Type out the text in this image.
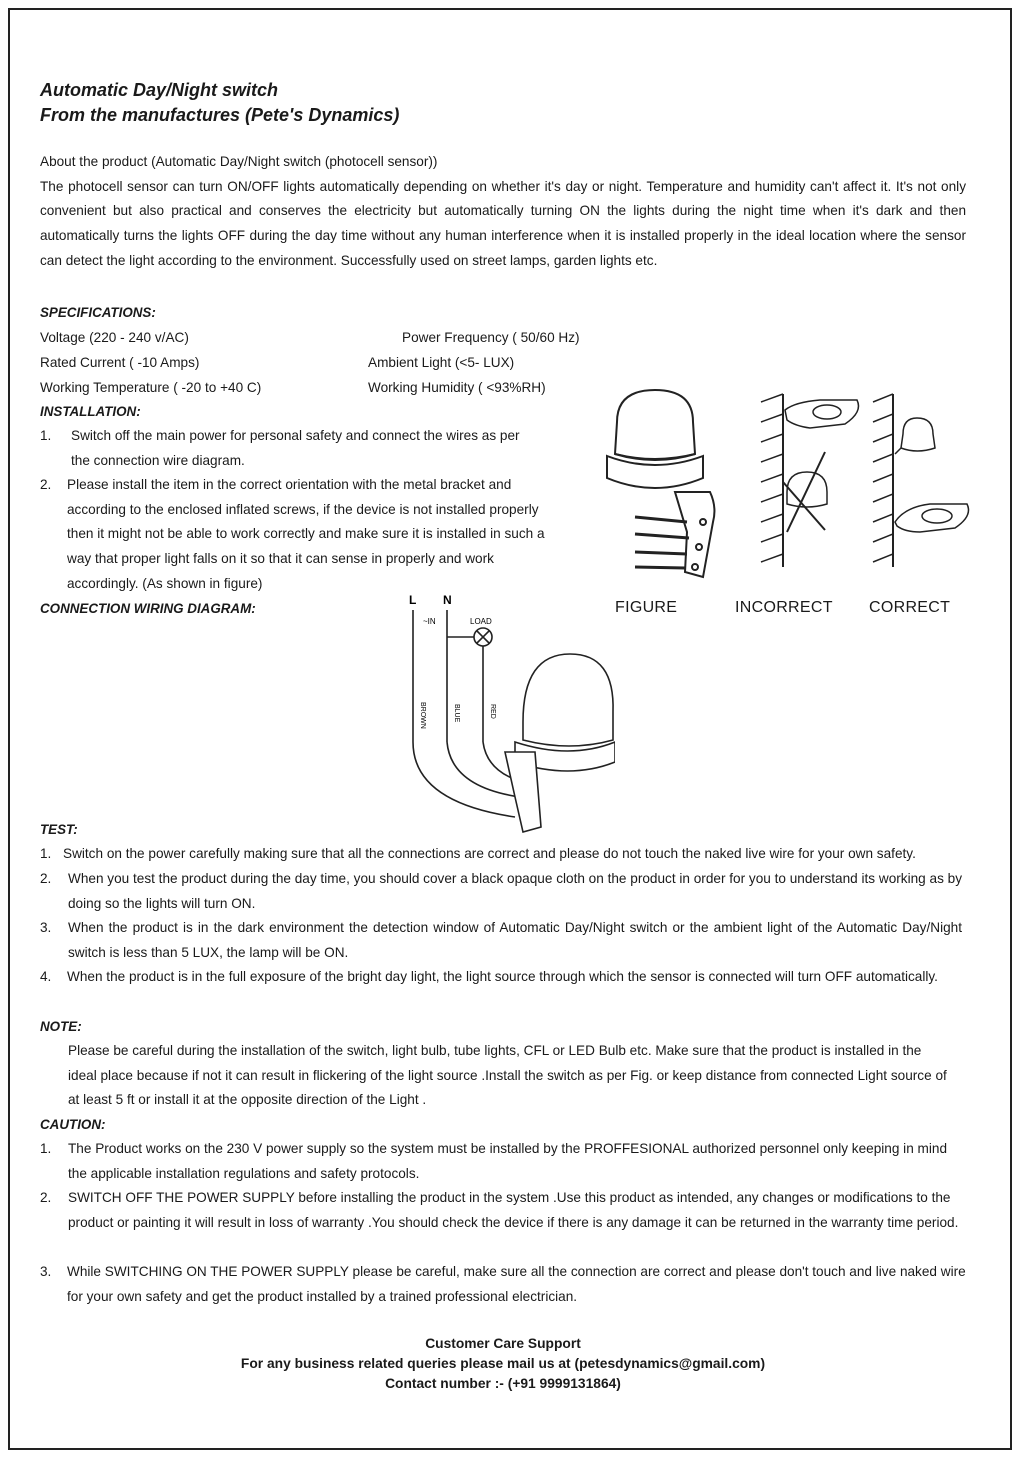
Automatic Day/Night switch
From the manufactures (Pete's Dynamics)
About the product (Automatic Day/Night switch (photocell sensor))
The photocell sensor can turn ON/OFF lights automatically depending on whether it's day or night. Temperature and humidity can't affect it. It's not only convenient but also practical and conserves the electricity but automatically turning ON the lights during the night time when it's dark and then automatically turns the lights OFF during the day time without any human interference when it is installed properly in the ideal location where the sensor can detect the light according to the environment. Successfully used on street lamps, garden lights etc.
SPECIFICATIONS:
Voltage (220 - 240 v/AC)	Power Frequency ( 50/60 Hz)
Rated Current ( -10 Amps)	Ambient Light (<5- LUX)
Working Temperature ( -20 to +40 C)	Working Humidity ( <93%RH)
INSTALLATION:
1. Switch off the main power for personal safety and connect the wires as per the connection wire diagram.
2. Please install the item in the correct orientation with the metal bracket and according to the enclosed inflated screws, if the device is not installed properly then it might not be able to work correctly and make sure it is installed in such a way that proper light falls on it so that it can sense in properly and work accordingly. (As shown in figure)
CONNECTION WIRING DIAGRAM:	FIGURE	INCORRECT CORRECT
L N
~IN	LOAD
BROWN	BLUE	RED
TEST:
1. Switch on the power carefully making sure that all the connections are correct and please do not touch the naked live wire for your own safety.
2. When you test the product during the day time, you should cover a black opaque cloth on the product in order for you to understand its working as by doing so the lights will turn ON.
3. When the product is in the dark environment the detection window of Automatic Day/Night switch or the ambient light of the Automatic Day/Night switch is less than 5 LUX, the lamp will be ON.
4. When the product is in the full exposure of the bright day light, the light source through which the sensor is connected will turn OFF automatically.
NOTE:
Please be careful during the installation of the switch, light bulb, tube lights, CFL or LED Bulb etc. Make sure that the product is installed in the ideal place because if not it can result in flickering of the light source .Install the switch as per Fig. or keep distance from connected Light source of at least 5 ft or install it at the opposite direction of the Light .
CAUTION:
1. The Product works on the 230 V power supply so the system must be installed by the PROFFESIONAL authorized personnel only keeping in mind the applicable installation regulations and safety protocols.
2. SWITCH OFF THE POWER SUPPLY before installing the product in the system .Use this product as intended, any changes or modifications to the product or painting it will result in loss of warranty .You should check the device if there is any damage it can be returned in the warranty time period.
3. While SWITCHING ON THE POWER SUPPLY please be careful, make sure all the connection are correct and please don't touch and live naked wire for your own safety and get the product installed by a trained professional electrician.
Customer Care Support
For any business related queries please mail us at (petesdynamics@gmail.com)
Contact number :- (+91 9999131864)
